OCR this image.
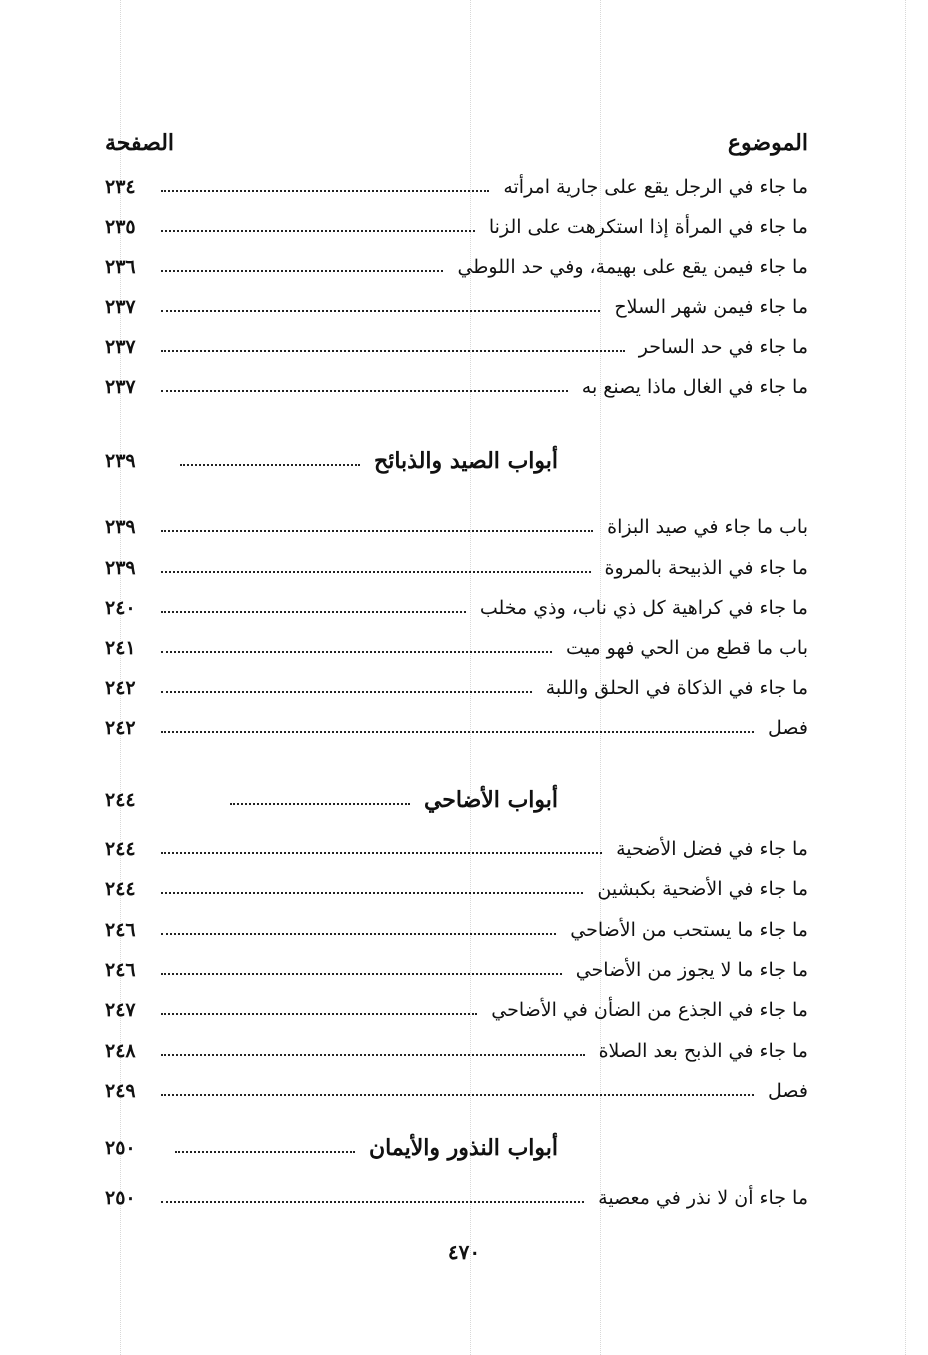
الموضوع
الصفحة
ما جاء في الرجل يقع على جارية امرأته
٢٣٤
ما جاء في المرأة إذا استكرهت على الزنا
٢٣٥
ما جاء فيمن يقع على بهيمة، وفي حد اللوطي
٢٣٦
ما جاء فيمن شهر السلاح
٢٣٧
ما جاء في حد الساحر
٢٣٧
ما جاء في الغال ماذا يصنع به
٢٣٧
أبواب الصيد والذبائح
٢٣٩
باب ما جاء في صيد البزاة
٢٣٩
ما جاء في الذبيحة بالمروة
٢٣٩
ما جاء في كراهية كل ذي ناب، وذي مخلب
٢٤٠
باب ما قطع من الحي فهو ميت
٢٤١
ما جاء في الذكاة في الحلق واللبة
٢٤٢
فصل
٢٤٢
أبواب الأضاحي
٢٤٤
ما جاء في فضل الأضحية
٢٤٤
ما جاء في الأضحية بكبشين
٢٤٤
ما جاء ما يستحب من الأضاحي
٢٤٦
ما جاء ما لا يجوز من الأضاحي
٢٤٦
ما جاء في الجذع من الضأن في الأضاحي
٢٤٧
ما جاء في الذبح بعد الصلاة
٢٤٨
فصل
٢٤٩
أبواب النذور والأيمان
٢٥٠
ما جاء أن لا نذر في معصية
٢٥٠
٤٧٠
